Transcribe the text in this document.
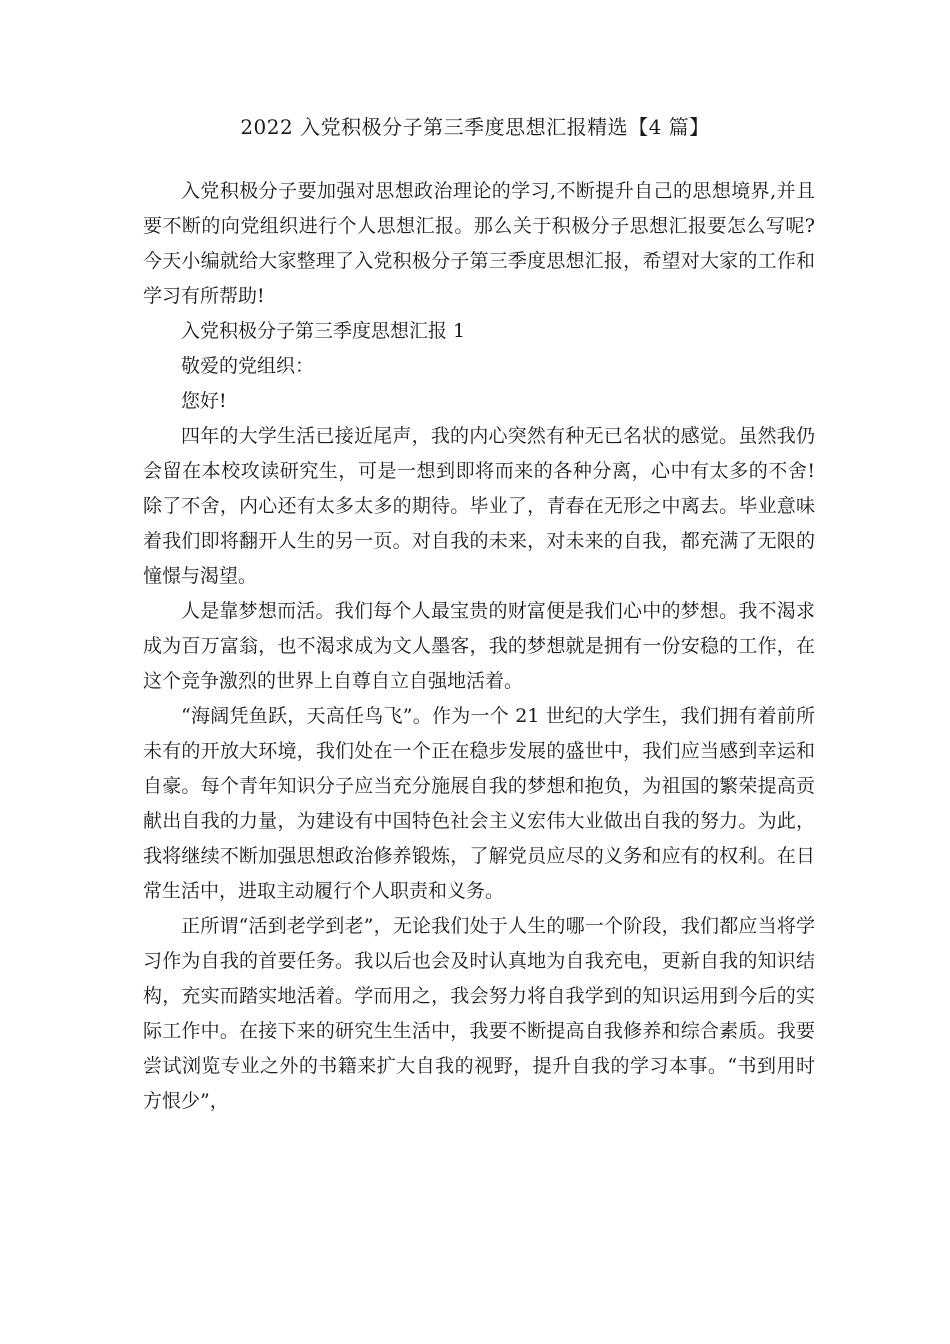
2022 入党积极分子第三季度思想汇报精选【4 篇】

入党积极分子要加强对思想政治理论的学习,不断提升自己的思想境界,并且要不断的向党组织进行个人思想汇报。那么关于积极分子思想汇报要怎么写呢?今天小编就给大家整理了入党积极分子第三季度思想汇报，希望对大家的工作和学习有所帮助!

入党积极分子第三季度思想汇报 1

敬爱的党组织：

您好!

四年的大学生活已接近尾声，我的内心突然有种无已名状的感觉。虽然我仍会留在本校攻读研究生，可是一想到即将而来的各种分离，心中有太多的不舍!除了不舍，内心还有太多太多的期待。毕业了，青春在无形之中离去。毕业意味着我们即将翻开人生的另一页。对自我的未来，对未来的自我，都充满了无限的憧憬与渴望。

人是靠梦想而活。我们每个人最宝贵的财富便是我们心中的梦想。我不渴求成为百万富翁，也不渴求成为文人墨客，我的梦想就是拥有一份安稳的工作，在这个竞争激烈的世界上自尊自立自强地活着。

“海阔凭鱼跃，天高任鸟飞”。作为一个 21 世纪的大学生，我们拥有着前所未有的开放大环境，我们处在一个正在稳步发展的盛世中，我们应当感到幸运和自豪。每个青年知识分子应当充分施展自我的梦想和抱负，为祖国的繁荣提高贡献出自我的力量，为建设有中国特色社会主义宏伟大业做出自我的努力。为此，我将继续不断加强思想政治修养锻炼，了解党员应尽的义务和应有的权利。在日常生活中，进取主动履行个人职责和义务。

正所谓“活到老学到老”，无论我们处于人生的哪一个阶段，我们都应当将学习作为自我的首要任务。我以后也会及时认真地为自我充电，更新自我的知识结构，充实而踏实地活着。学而用之，我会努力将自我学到的知识运用到今后的实际工作中。在接下来的研究生生活中，我要不断提高自我修养和综合素质。我要尝试浏览专业之外的书籍来扩大自我的视野，提升自我的学习本事。“书到用时方恨少”，
